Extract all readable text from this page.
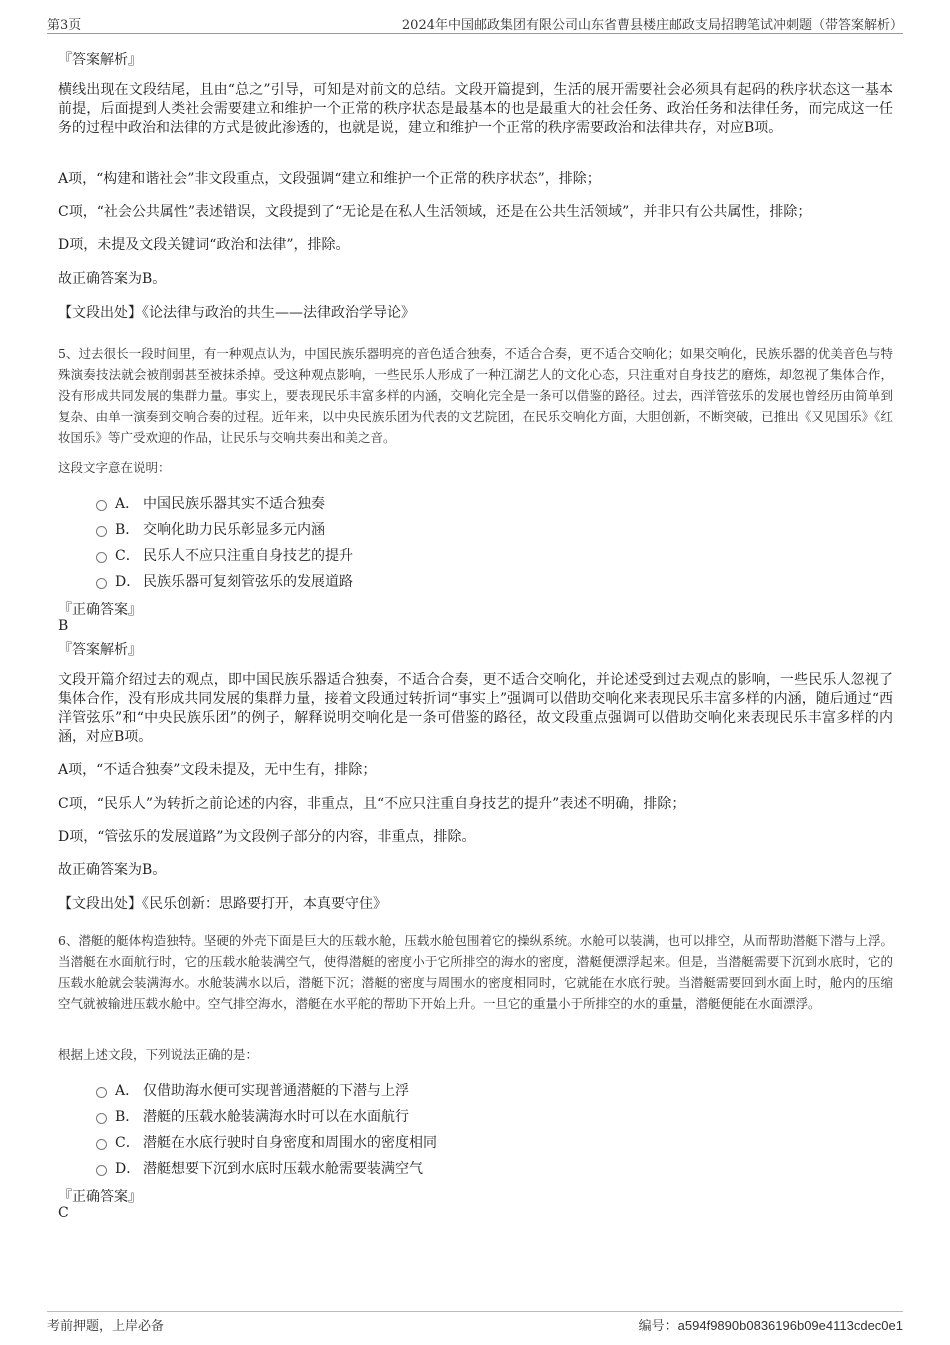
第3页	2024年中国邮政集团有限公司山东省曹县楼庄邮政支局招聘笔试冲刺题（带答案解析）
『答案解析』

横线出现在文段结尾，且由“总之”引导，可知是对前文的总结。文段开篇提到，生活的展开需要社会必须具有起码的秩序状态这一基本前提，后面提到人类社会需要建立和维护一个正常的秩序状态是最基本的也是最重大的社会任务、政治任务和法律任务，而完成这一任务的过程中政治和法律的方式是彼此渗透的，也就是说，建立和维护一个正常的秩序需要政治和法律共存，对应B项。

A项，“构建和谐社会”非文段重点，文段强调“建立和维护一个正常的秩序状态”，排除；

C项，“社会公共属性”表述错误，文段提到了“无论是在私人生活领域，还是在公共生活领域”，并非只有公共属性，排除；

D项，未提及文段关键词“政治和法律”，排除。

故正确答案为B。

【文段出处】《论法律与政治的共生——法律政治学导论》

5、过去很长一段时间里，有一种观点认为，中国民族乐器明亮的音色适合独奏，不适合合奏，更不适合交响化；如果交响化，民族乐器的优美音色与特殊演奏技法就会被削弱甚至被抹杀掉。受这种观点影响，一些民乐人形成了一种江湖艺人的文化心态，只注重对自身技艺的磨炼，却忽视了集体合作，没有形成共同发展的集群力量。事实上，要表现民乐丰富多样的内涵，交响化完全是一条可以借鉴的路径。过去，西洋管弦乐的发展也曾经历由简单到复杂、由单一演奏到交响合奏的过程。近年来，以中央民族乐团为代表的文艺院团，在民乐交响化方面，大胆创新，不断突破，已推出《又见国乐》《红妆国乐》等广受欢迎的作品，让民乐与交响共奏出和美之音。

这段文字意在说明：
A． 中国民族乐器其实不适合独奏
B． 交响化助力民乐彰显多元内涵
C． 民乐人不应只注重自身技艺的提升
D． 民族乐器可复刻管弦乐的发展道路
『正确答案』
B
『答案解析』

文段开篇介绍过去的观点，即中国民族乐器适合独奏，不适合合奏，更不适合交响化，并论述受到过去观点的影响，一些民乐人忽视了集体合作，没有形成共同发展的集群力量，接着文段通过转折词“事实上”强调可以借助交响化来表现民乐丰富多样的内涵，随后通过“西洋管弦乐”和“中央民族乐团”的例子，解释说明交响化是一条可借鉴的路径，故文段重点强调可以借助交响化来表现民乐丰富多样的内涵，对应B项。

A项，“不适合独奏”文段未提及，无中生有，排除；

C项，“民乐人”为转折之前论述的内容，非重点，且“不应只注重自身技艺的提升”表述不明确，排除；

D项，“管弦乐的发展道路”为文段例子部分的内容，非重点，排除。

故正确答案为B。

【文段出处】《民乐创新：思路要打开，本真要守住》

6、潜艇的艇体构造独特。坚硬的外壳下面是巨大的压载水舱，压载水舱包围着它的操纵系统。水舱可以装满，也可以排空，从而帮助潜艇下潜与上浮。当潜艇在水面航行时，它的压载水舱装满空气，使得潜艇的密度小于它所排空的海水的密度，潜艇便漂浮起来。但是，当潜艇需要下沉到水底时，它的压载水舱就会装满海水。水舱装满水以后，潜艇下沉；潜艇的密度与周围水的密度相同时，它就能在水底行驶。当潜艇需要回到水面上时，舱内的压缩空气就被输进压载水舱中。空气排空海水，潜艇在水平舵的帮助下开始上升。一旦它的重量小于所排空的水的重量，潜艇便能在水面漂浮。

根据上述文段，下列说法正确的是：
A． 仅借助海水便可实现普通潜艇的下潜与上浮
B． 潜艇的压载水舱装满海水时可以在水面航行
C． 潜艇在水底行驶时自身密度和周围水的密度相同
D． 潜艇想要下沉到水底时压载水舱需要装满空气
『正确答案』
C
考前押题，上岸必备	编号：a594f9890b0836196b09e4113cdec0e1
